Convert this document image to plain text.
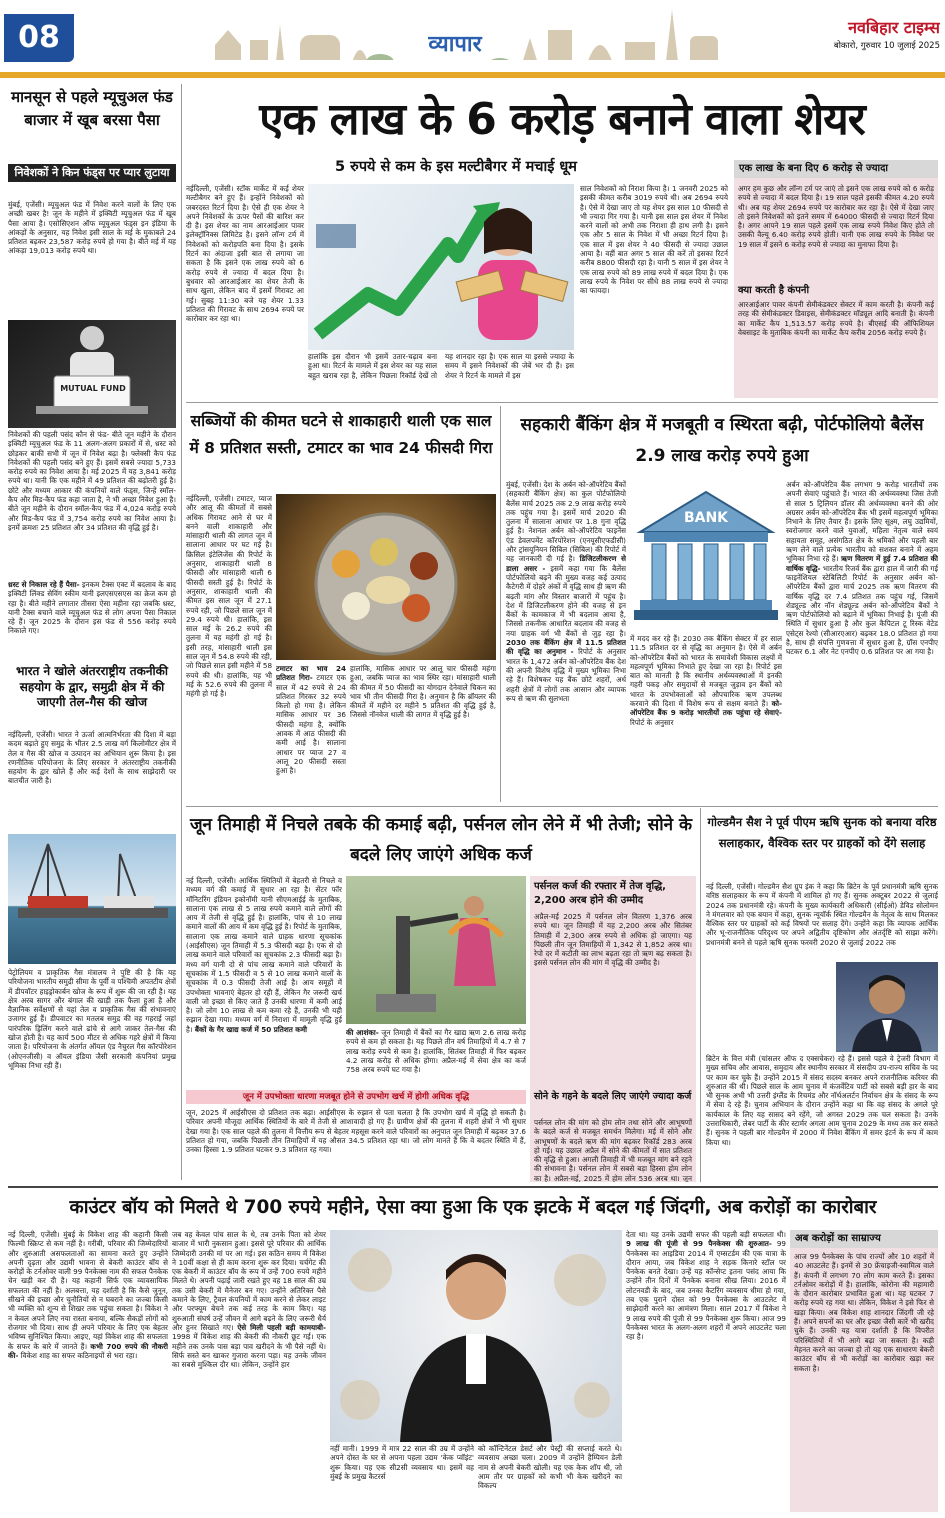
08	व्यापार
नवबिहार टाइम्स
बोकारो, गुरुवार 10 जुलाई 2025
मानसून से पहले म्यूचुअल फंड बाजार में खूब बरसा पैसा
निवेशकों ने किन फंड्स पर प्यार लुटाया
मुंबई, एजेंसी। म्यूचुअल फंड में निवेश करने वालों के लिए एक अच्छी खबर है! जून के महीने में इक्विटी म्यूचुअल फंड में खूब पैसा आया है। एसोसिएशन ऑफ म्यूचुअल फंड्स इन इंडिया के आंकड़ों के अनुसार, यह निवेश इसी साल के मई के मुकाबले 24 प्रतिशत बढ़कर 23,587 करोड़ रुपये हो गया है। बीते मई में यह आंकड़ा 19,013 करोड़ रुपये था।
MUTUAL FUND
निवेशकों की पहली पसंद कौन से फंड- बीते जून महीने के दौरान इक्विटी म्यूचुअल फंड के 11 अलग-अलग प्रकारों में से, थ्रस्ट को छोड़कर बाकी सभी में जून में निवेश बढ़ा है। फ्लेक्सी कैप फंड निवेशकों की पहली पसंद बने हुए हैं। इसमें सबसे ज्यादा 5,733 करोड़ रुपये का निवेश आया है। मई 2025 में यह 3,841 करोड़ रुपये था। यानी कि एक महीने में 49 प्रतिशत की बढ़ोतरी हुई है। छोटे और मध्यम आकार की कंपनियों वाले फंड्स, जिन्हें स्मॉल-कैप और मिड-कैप फंड कहा जाता है, ने भी अच्छा निवेश हुआ है। बीते जून महीने के दौरान स्मॉल-कैप फंड में 4,024 करोड़ रुपये और मिड-कैप फंड में 3,754 करोड़ रुपये का निवेश आया है। इनमें क्रमशः 25 प्रतिशत और 34 प्रतिशत की वृद्धि हुई है।
थ्रस्ट से निकाल रहे हैं पैसा- इनकम टैक्स एक्ट में बदलाव के बाद इक्विटी लिंक्ड सेविंग स्कीम यानी इलएसएसएस का क्रेज कम हो रहा है। बीते महीने लगातार तीसरा ऐसा महीना रहा जबकि थ्रस्ट, यानी टैक्स बचाने वाले म्यूचुअल फंड से लोग अपना पैसा निकाल रहे हैं। जून 2025 के दौरान इस फंड से 556 करोड़ रुपये निकाले गए।
भारत ने खोले अंतरराष्ट्रीय तकनीकी सहयोग के द्वार, समुद्री क्षेत्र में की जाएगी तेल-गैस की खोज
नईदिल्ली, एजेंसी। भारत ने ऊर्जा आत्मनिर्भरता की दिशा में बड़ा कदम बढ़ाते हुए समुद्र के भीतर 2.5 लाख वर्ग किलोमीटर क्षेत्र में तेल व गैस की खोज व उत्पादन का अभियान शुरू किया है। इस रणनीतिक परियोजना के लिए सरकार ने अंतरराष्ट्रीय तकनीकी सहयोग के द्वार खोले हैं और कई देशों के साथ साझेदारी पर बातचीत जारी है।
पेट्रोलियम व प्राकृतिक गैस मंत्रालय ने पुष्टि की है कि यह परियोजना भारतीय समुद्री सीमा के पूर्वी व पश्चिमी अपतटीय क्षेत्रों में डीपवॉटर हाइड्रोकार्बन खोज के रूप में शुरू की जा रही है। यह क्षेत्र अरब सागर और बंगाल की खाड़ी तक फैला हुआ है और वैज्ञानिक सर्वेक्षणों से यहां तेल व प्राकृतिक गैस की संभावनाएं उजागर हुई हैं। डीपवाटर का मतलब समुद्र की वह गहराई जहां पारंपरिक ड्रिलिंग करने वाले ढांचे से आगे जाकर तेल-गैस की खोज होती है। यह कार्य 500 मीटर से अधिक गहरे क्षेत्रों में किया जाता है। परियोजना के अंतर्गत ऑयल एंड नैचुरल गैस कॉरपोरेशन (ओएनजीसी) व ऑयल इंडिया जैसी सरकारी कंपनियां प्रमुख भूमिका निभा रही हैं।
एक लाख के 6 करोड़ बनाने वाला शेयर
5 रुपये से कम के इस मल्टीबैगर में मचाई धूम
नईदिल्ली, एजेंसी। स्टॉक मार्केट में कई शेयर मल्टीबैगर बने हुए हैं। इन्होंने निवेशकों को जबरदस्त रिटर्न दिया है। ऐसे ही एक शेयर ने अपने निवेशकों के ऊपर पैसों की बारिश कर दी है। इस शेयर का नाम आरआईआर पावर इलेक्ट्रॉनिक्स लिमिटेड है। इसने लॉन्ग टर्म में निवेशकों को करोड़पति बना दिया है। इसके रिटर्न का अंदाजा इसी बात से लगाया जा सकता है कि इसने एक लाख रुपये को 6 करोड़ रुपये से ज्यादा में बदल दिया है। बुधवार को आरआईआर का शेयर तेजी के साथ खुला, लेकिन बाद में इसमें गिरावट आ गई। सुबह 11:30 बजे यह शेयर 1.33 प्रतिशत की गिरावट के साथ 2694 रुपये पर कारोबार कर रहा था।
हालांकि इस दौरान भी इसमें उतार-चढ़ाव बना हुआ था। रिटर्न के मामले में इस शेयर का यह साल बहुत खराब रहा है, लेकिन पिछला रिकॉर्ड देखें तो यह शानदार रहा है। एक साल या इससे ज्यादा के समय में इसने निवेशकों की जेबें भर दी हैं। इस शेयर ने रिटर्न के मामले में इस
साल निवेशकों को निराश किया है। 1 जनवरी 2025 को इसकी कीमत करीब 3019 रुपये थी। अब 2694 रुपये है। ऐसे में देखा जाए तो यह शेयर इस साल 10 फीसदी से भी ज्यादा गिर गया है। यानी इस साल इस शेयर में निवेश करने वालों को अभी तक निराशा ही हाथ लगी है। इसने एक और 5 साल के निवेश में भी अच्छा रिटर्न दिया है। एक साल में इस शेयर ने 40 फीसदी से ज्यादा उछाल आया है। वहीं बात अगर 5 साल की करें तो इसका रिटर्न करीब 8800 फीसदी रहा है। यानी 5 साल में इस शेयर ने एक लाख रुपये को 89 लाख रुपये में बदल दिया है। एक लाख रुपये के निवेश पर सीधे 88 लाख रुपये से ज्यादा का फायदा।
एक लाख के बना दिए 6 करोड़ से ज्यादा
अगर हम कुछ और लॉन्ग टर्म पर जाएं तो इसने एक लाख रुपये को 6 करोड़ रुपये से ज्यादा में बदल दिया है। 19 साल पहले इसकी कीमत 4.20 रुपये थी। अब यह शेयर 2694 रुपये पर कारोबार कर रहा है। ऐसे में देखा जाए तो इसने निवेशकों को इतने समय में 64000 फीसदी से ज्यादा रिटर्न दिया है। अगर आपने 19 साल पहले इसमें एक लाख रुपये निवेश किए होते तो उसकी वैल्यू 6.40 करोड़ रुपये होती। यानी एक लाख रुपये के निवेश पर 19 साल में इसने 6 करोड़ रुपये से ज्यादा का मुनाफा दिया है।
क्या करती है कंपनी
आरआईआर पावर कंपनी सेमीकंडक्टर सेक्टर में काम करती है। कंपनी कई तरह की सेमीकंडक्टर डिवाइस, सेमीकंडक्टर मॉड्यूल आदि बनाती है। कंपनी का मार्केट कैप 1,513.57 करोड़ रुपये है। बीएसई की ऑफिशियल वेबसाइट के मुताबिक कंपनी का मार्केट कैप करीब 2056 करोड़ रुपये है।
सब्जियों की कीमत घटने से शाकाहारी थाली एक साल में 8 प्रतिशत सस्ती, टमाटर का भाव 24 फीसदी गिरा
नईदिल्ली, एजेंसी। टमाटर, प्याज और आलू की कीमतों में सबसे अधिक गिरावट आने से घर में बनने वाली शाकाहारी और मांसाहारी थाली की लागत जून में सालाना आधार पर घट गई है। क्रिसिल इंटेलिजेंस की रिपोर्ट के अनुसार, शाकाहारी थाली 8 फीसदी और मांसाहारी थाली 6 फीसदी सस्ती हुई है। रिपोर्ट के अनुसार, शाकाहारी थाली की कीमत इस साल जून में 27.1 रुपये रही, जो पिछले साल जून में 29.4 रुपये थी। हालांकि, इस साल मई के 26.2 रुपये की तुलना में यह महंगी हो गई है। इसी तरह, मांसाहारी थाली इस साल जून में 54.8 रुपये की रही, जो पिछले साल इसी महीने में 58 रुपये की थी। हालांकि, यह भी मई के 52.6 रुपये की तुलना में महंगी हो गई है।
टमाटर का भाव 24 प्रतिशत गिरा- टमाटर एक साल में 42 रुपये से 24 प्रतिशत गिरकर 32 रुपये किलो हो गया है। लेकिन मासिक आधार पर 36 फीसदी महंगा है, क्योंकि आवक में आठ फीसदी की कमी आई है। सालाना आधार पर प्याज 27 व आलू 20 फीसदी सस्ता हुआ है।
हालांकि, मासिक आधार पर आलू चार फीसदी महंगा हुआ, जबकि प्याज का भाव स्थिर रहा। मांसाहारी थाली की कीमत में 50 फीसदी का योगदान देनेवाले चिकन का भाव भी तीन फीसदी गिरा है। अनुमान है कि ब्रॉयलर की कीमतें में महीने दर महीने 5 प्रतिशत की वृद्धि हुई है, जिससे नॉनवेज थाली की लागत में वृद्धि हुई है।
सहकारी बैंकिंग क्षेत्र में मजबूती व स्थिरता बढ़ी, पोर्टफोलियो बैलेंस 2.9 लाख करोड़ रुपये हुआ
मुंबई, एजेंसी। देश के अर्बन को-ऑपरेटिव बैंकों (सहकारी बैंकिंग क्षेत्र) का कुल पोर्टफोलियो बैलेंस मार्च 2025 तक 2.9 लाख करोड़ रुपये तक पहुंच गया है। इसमें मार्च 2020 की तुलना में सालाना आधार पर 1.8 गुना वृद्धि हुई है। नेशनल अर्बन को-ऑपरेटिव फाइनेंस एंड डेवलपमेंट कॉरपोरेशन (एनयूसीएफडीसी) और ट्रांसयूनियन सिबिल (सिबिल) की रिपोर्ट में यह जानकारी दी गई है। डिजिटलीकरण से डाला असर - इसमें कहा गया कि बैलेंस पोर्टफोलियो बढ़ने की मुख्य वजह कई उत्पाद कैटेगरी में दोहरे अंकों में वृद्धि साथ ही ऋण की बढ़ती मांग और विस्तार बाजारों में पहुंच है। देश में डिजिटलीकरण होने की वजह से इन बैंकों के कामकाज में भी बदलाव आया है, जिससे तकनीक आधारित बदलाव की वजह से नया ग्राहक वर्ग भी बैंकों से जुड़ रहा है। 2030 तक बैंकिंग क्षेत्र में 11.5 प्रतिशत की वृद्धि का अनुमान - रिपोर्ट के अनुसार भारत के 1,472 अर्बन को-ऑपरेटिव बैंक देश की अपनी विशेष वृद्धि में मुख्य भूमिका निभा रहे हैं। विशेषकर यह बैंक छोटे शहरों, अर्ध शहरी क्षेत्रों में लोगों तक आसान और व्यापक रूप से ऋण की सुलभता
BANK
में मदद कर रहे हैं। 2030 तक बैंकिंग सेक्टर में हर साल 11.5 प्रतिशत दर से वृद्धि का अनुमान है। ऐसे में अर्बन को-ऑपरेटिव बैंकों को भारत के समावेशी विकास लक्ष्यों में महत्वपूर्ण भूमिका निभाते हुए देखा जा रहा है। रिपोर्ट इस बात को मानती है कि स्थानीय अर्थव्यवस्थाओं में इनकी गहरी पकड़ और समुदायों से मजबूत जुड़ाव इन बैंकों को भारत के उपभोक्ताओं को औपचारिक ऋण उपलब्ध करवाने की दिशा में विशेष रूप से सक्षम बनाते हैं। को-ऑपरेटिव बैंक 9 करोड़ भारतीयों तक पहुंचा रहे सेवाएं- रिपोर्ट के अनुसार
अर्बन को-ऑपरेटिव बैंक लगभग 9 करोड़ भारतीयों तक अपनी सेवाएं पहुंचाते हैं। भारत की अर्थव्यवस्था जिस तेजी से साल 5 ट्रिलियन डॉलर की अर्थव्यवस्था बनने की ओर अग्रसर अर्बन को-ऑपरेटिव बैंक भी इसमें महत्वपूर्ण भूमिका निभाने के लिए तैयार हैं। इसके लिए सूक्ष्म, लघु उद्यमियों, स्वरोजगार करने वाले युवाओं, महिला नेतृत्व वाले स्वयं सहायता समूह, असंगठित क्षेत्र के श्रमिकों और पहली बार ऋण लेने वाले प्रत्येक भारतीय को सशक्त बनाने में अहम भूमिका निभा रहे हैं। ऋण वितरण में हुई 7.4 प्रतिशत की वार्षिक वृद्धि- भारतीय रिजर्व बैंक द्वारा हाल में जारी की गई फाइनेंशियल स्टेबिलिटी रिपोर्ट के अनुसार अर्बन को-ऑपरेटिव बैंकों द्वारा मार्च 2025 तक ऋण वितरण की वार्षिक वृद्धि दर 7.4 प्रतिशत तक पहुंच गई, जिसमें शेड्यूल्ड और नॉन शेड्यूल्ड अर्बन को-ऑपरेटिव बैंकों ने ऋण पोर्टफोलियो को बढ़ाने में भूमिका निभाई है। पूंजी की स्थिति में सुधार हुआ है और कुल कैपिटल टू रिस्क वेटेड एसेट्स रेश्यो (सीआरएआर) बढ़कर 18.0 प्रतिशत हो गया है, साथ ही संपत्ति गुणवत्ता में सुधार हुआ है, ग्रॉस एनपीए घटकर 6.1 और नेट एनपीए 0.6 प्रतिशत पर आ गया है।
जून तिमाही में निचले तबके की कमाई बढ़ी, पर्सनल लोन लेने में भी तेजी; सोने के बदले लिए जाएंगे अधिक कर्ज
नई दिल्ली, एजेंसी। आर्थिक स्थितियों में बेहतरी से निचले व मध्यम वर्ग की कमाई में सुधार आ रहा है। सेंटर फॉर मॉनिटरिंग इंडियन इकोनॉमी यानी सीएमआईई के मुताबिक, सालाना एक लाख से 5 लाख रुपये कमाने वाले लोगों की आय में तेजी से वृद्धि हुई है। हालांकि, पांच से 10 लाख कमाने वालों की आय में कम वृद्धि हुई है। रिपोर्ट के मुताबिक, सालाना एक लाख कमाने वाले ग्राहक धारणा सूचकांक (आईसीएस) जून तिमाही में 5.3 फीसदी बढ़ा है। एक से दो लाख कमाने वाले परिवारों का सूचकांक 2.3 फीसदी बढ़ा है। मध्य वर्ग यानी दो से पांच लाख कमाने वाले परिवारों के सूचकांक में 1.5 फीसदी व 5 से 10 लाख कमाने वालों के सूचकांक में 0.3 फीसदी तेजी आई है। आय समूहों में उपभोक्ता भावनाएं बेहतर हो रही हैं, लेकिन गैर जरूरी खर्च वाली जो इच्छा से किए जाते हैं उनकी धारणा में कमी आई है। जो लोग 10 लाख से कम कमा रहे हैं, उनकी भी यही रुझान देखा गया। मध्यम वर्ग में निराशा में मामूली वृद्धि हुई है। बैंकों के गैर खाद्य कर्ज में 50 प्रतिशत कमी	की आशंका- जून तिमाही में बैंकों का गैर खाद्य ऋण 2.6 लाख करोड़ रुपये से कम हो सकता है। यह पिछले तीन वर्ष तिमाहियों में 4.7 से 7 लाख करोड़ रुपये से कम है। हालांकि, सितंबर तिमाही में फिर बढ़कर 4.2 लाख करोड़ से अधिक होगा। अप्रैल-मई में सेवा क्षेत्र का कर्ज 758 अरब रुपये घट गया है।
पर्सनल कर्ज की रफ्तार में तेज वृद्धि, 2,200 अरब होने की उम्मीद
अप्रैल-मई 2025 में पर्सनल लोन वितरण 1,376 अरब रुपये था। जून तिमाही में यह 2,200 अरब और सितंबर तिमाही में 2,300 अरब रुपये से अधिक हो जाएगा। यह पिछली तीन जून तिमाहियों में 1,342 से 1,852 अरब था। रेपो दर में कटौती का लाभ बढ़ता रहा तो ऋण बढ़ सकता है। इससे पर्सनल लोन की मांग में वृद्धि की उम्मीद है।
सोने के गहने के बदले लिए जाएंगे ज्यादा कर्ज
पर्सनल लोन की मांग को होम लोन तथा सोने और आभूषणों के बदले कर्ज से मजबूत समर्थन मिलेगा। मई में सोने और आभूषणों के बदले ऋण की मांग बढ़कर रिकॉर्ड 283 अरब हो गई। यह उछाल अप्रैल में सोने की कीमतों में सात प्रतिशत की वृद्धि से हुआ। अगली तिमाही में भी मजबूत मांग बने रहने की संभावना है। पर्सनल लोन में सबसे बड़ा हिस्सा होम लोन का है। अप्रैल-मई, 2025 में होम लोन 536 अरब था। जून
जून में उपभोक्ता धारणा मजबूत होने से उपभोग खर्च में होगी अधिक वृद्धि
जून, 2025 में आईसीएस दो प्रतिशत तक बढ़ा। आईसीएस के रुझान से पता चलता है कि उपभोग खर्च में वृद्धि हो सकती है। परिवार अपनी मौजूदा आर्थिक स्थितियों के बारे में तेजी से आशावादी हो गए हैं। ग्रामीण क्षेत्रों की तुलना में शहरी क्षेत्रों ने भी सुधार देखा गया है। एक साल पहले की तुलना में वित्तीय रूप से बेहतर महसूस करने वाले परिवारों का अनुपात जून तिमाही में बढ़कर 37.6 प्रतिशत हो गया, जबकि पिछली तीन तिमाहियों में यह औसत 34.5 प्रतिशत रहा था। जो लोग मानते हैं कि वे बदतर स्थिति में हैं, उनका हिस्सा 1.9 प्रतिशत घटकर 9.3 प्रतिशत रह गया।
गोल्डमैन सैश ने पूर्व पीएम ऋषि सुनक को बनाया वरिष्ठ सलाहकार, वैश्विक स्तर पर ग्राहकों को देंगे सलाह
नई दिल्ली, एजेंसी। गोल्डमैन सैश ग्रुप इंक ने कहा कि ब्रिटेन के पूर्व प्रधानमंत्री ऋषि सुनक वरिष्ठ सलाहकार के रूप में कंपनी में शामिल हो गए हैं। सुनक अक्टूबर 2022 से जुलाई 2024 तक प्रधानमंत्री रहे। कंपनी के मुख्य कार्यकारी अधिकारी (सीईओ) डेविड सोलोमन ने मंगलवार को एक बयान में कहा, सुनक न्यूयॉर्क स्थित गोल्डमैन के नेतृत्व के साथ मिलकर वैश्विक स्तर पर ग्राहकों को कई विषयों पर सलाह देंगे। उन्होंने कहा कि व्यापक आर्थिक और भू-राजनीतिक परिदृश्य पर अपने अद्वितीय दृष्टिकोण और अंतर्दृष्टि को साझा करेंगे। प्रधानमंत्री बनने से पहले ऋषि सुनक फरवरी 2020 से जुलाई 2022 तक
ब्रिटेन के वित्त मंत्री (चांसलर ऑफ द एक्सचेकर) रहे हैं। इससे पहले वे ट्रेजरी विभाग में मुख्य सचिव और आवास, समुदाय और स्थानीय सरकार में संसदीय उप-राज्य सचिव के पद पर काम कर चुके हैं। उन्होंने 2015 में संसद सदस्य बनकर अपने राजनीतिक करियर की शुरुआत की थी। पिछले साल के आम चुनाव में कंजर्वेटिव पार्टी को सबसे बड़ी हार के बाद भी सुनक अभी भी उत्तरी इंग्लैंड के रिचमंड और नॉर्थअलर्टन निर्वाचन क्षेत्र के संसद के रूप में सेवा दे रहे हैं। चुनाव अभियान के दौरान उन्होंने कहा था कि वह संसद के अगले पूरे कार्यकाल के लिए यह सासद बने रहेंगे, जो अगस्त 2029 तक चल सकता है। उनके उत्तराधिकारी, लेबर पार्टी के कीर स्टार्मर अगला आम चुनाव 2029 के मध्य तक कर सकते हैं। सुनक ने पहली बार गोल्डमैन में 2000 में निवेश बैंकिंग में समर इंटर्न के रूप में काम किया था।
काउंटर बॉय को मिलते थे 700 रुपये महीने, ऐसा क्या हुआ कि एक झटके में बदल गई जिंदगी, अब करोड़ों का कारोबार
नई दिल्ली, एजेंसी। मुंबई के विकेश शाह की कहानी किसी फिल्मी स्क्रिप्ट से कम नहीं है। गरीबी, परिवार की जिम्मेदारियों और शुरुआती असफलताओं का सामना करते हुए उन्होंने अपनी दृढ़ता और उद्यमी भावना से बेकरी काउंटर बॉय से करोड़ों के टर्नओवर वाली 99 पैनकेक्स नाम की सफल पैनकेक चेन खड़ी कर दी है। यह कहानी सिर्फ एक व्यावसायिक सफलता की नहीं है। अलबत्ता, यह दर्शाती है कि कैसे जुनून, सीखने की इच्छा और चुनौतियों से न घबराने का जज्बा किसी भी व्यक्ति को शून्य से शिखर तक पहुंचा सकता है। विकेश ने न केवल अपने लिए नया रास्ता बनाया, बल्कि सैकड़ों लोगों को रोजगार भी दिया। साथ ही अपने परिवार के लिए एक बेहतर भविष्य सुनिश्चित किया। आइए, यहां विकेश शाह की सफलता के सफर के बारे में जानते हैं। कभी 700 रुपये की नौकरी की- विकेश शाह का सफर कठिनाइयों से भरा रहा।
जब वह केवल पांच साल के थे, तब उनके पिता को शेयर बाजार में भारी नुकसान हुआ। इससे पूरे परिवार की आर्थिक जिम्मेदारी उनकी मां पर आ गई। इस कठिन समय में विकेश ने 10वीं कक्षा से ही काम करना शुरू कर दिया। चर्चगेट की एक बेकरी में काउंटर बॉय के रूप में उन्हें 700 रुपये महीने मिलते थे। अपनी पढ़ाई जारी रखते हुए वह 18 साल की उम्र तक उसी बेकरी में मैनेजर बन गए। उन्होंने अतिरिक्त पैसे कमाने के लिए, ट्रैवल कंपनियों में काम करने से लेकर लाइट और परफ्यूम बेचने तक कई तरह के काम किए। यह शुरुआती संघर्ष उन्हें जीवन में आगे बढ़ने के लिए जरूरी धैर्य और हुनर सिखाते गए। ऐसे मिली पहली बड़ी कामयाबी- 1998 में विकेश शाह की बेकरी की नौकरी छूट गई। एक महीने तक उनके पास बड़ा पाव खरीदने के भी पैसे नहीं थे। सिर्फ सस्ते बन खाकर गुजारा करना पड़ा। यह उनके जीवन का सबसे मुश्किल दौर था। लेकिन, उन्होंने हार
नहीं मानी। 1999 में मात्र 22 साल की उम्र में उन्होंने अपने दोस्त के घर से अपना पहला उद्यम 'केक प्वॉइंट' शुरू किया। यह एक सी2सी व्यवसाय था। इसमें वह मुंबई के प्रमुख कैटरर्स
को कॉन्टिनेंटल डेसर्ट और पेस्ट्री की सप्लाई करते थे। व्यवसाय अच्छा चला। 2009 में उन्होंने हैम्पियन डेली नाम से अपनी बेकरी खोली। यह एक केक शॉप थी, जो आम तौर पर ग्राहकों को कभी भी केक खरीदने का विकल्प
देता था। यह उनके उद्यमी सफर की पहली बड़ी सफलता थी। 9 लाख की पूंजी से 99 पैनकेक्स की शुरुआत- 99 पैनकेक्स का आइडिया 2014 में एम्सटर्डम की एक यात्रा के दौरान आया, जब विकेश शाह ने सड़क किनारे स्टॉल पर पैनकेक बनते देखा। उन्हें यह कॉन्सेप्ट इतना पसंद आया कि उन्होंने तीन दिनों में पैनकेक बनाना सीख लिया। 2016 में लोटनवडी के बाद, जब उनका कैटरिंग व्यवसाय धीमा हो गया, तब एक पुराने दोस्त को 99 पैनकेक्स के आउटलेट में साझेदारी करने का आमंत्रण मिला। साल 2017 में विकेश ने 9 लाख रुपये की पूंजी से 99 पैनकेक्स शुरू किया। आज 99 पैनकेक्स भारत के अलग-अलग शहरों में अपने आउटलेट चला रहा है।
अब करोड़ों का साम्राज्य
आज 99 पैनकेक्स के पांच राज्यों और 10 शहरों में 40 आउटलेट हैं। इनमें से 30 फ्रेंचाइजी-स्वामित्व वाले हैं। कंपनी में लगभग 70 लोग काम करते हैं। इसका टर्नओवर करोड़ों में है। हालांकि, कोरोना की महामारी के दौरान कारोबार प्रभावित हुआ था। यह घटकर 7 करोड़ रुपये रह गया था। लेकिन, विकेश ने इसे फिर से खड़ा किया। अब विकेश शाह शानदार जिंदगी जी रहे हैं। अपने सपनों का घर और इच्छा जैसी कारें भी खरीद चुके हैं। उनकी यह यात्रा दर्शाती है कि विपरीत परिस्थितियों में भी आगे बढ़ा जा सकता है। कड़ी मेहनत करने का जज्बा हो तो यह एक साधारण बेकरी काउंटर बॉय से भी करोड़ों का कारोबार खड़ा कर सकता है।
